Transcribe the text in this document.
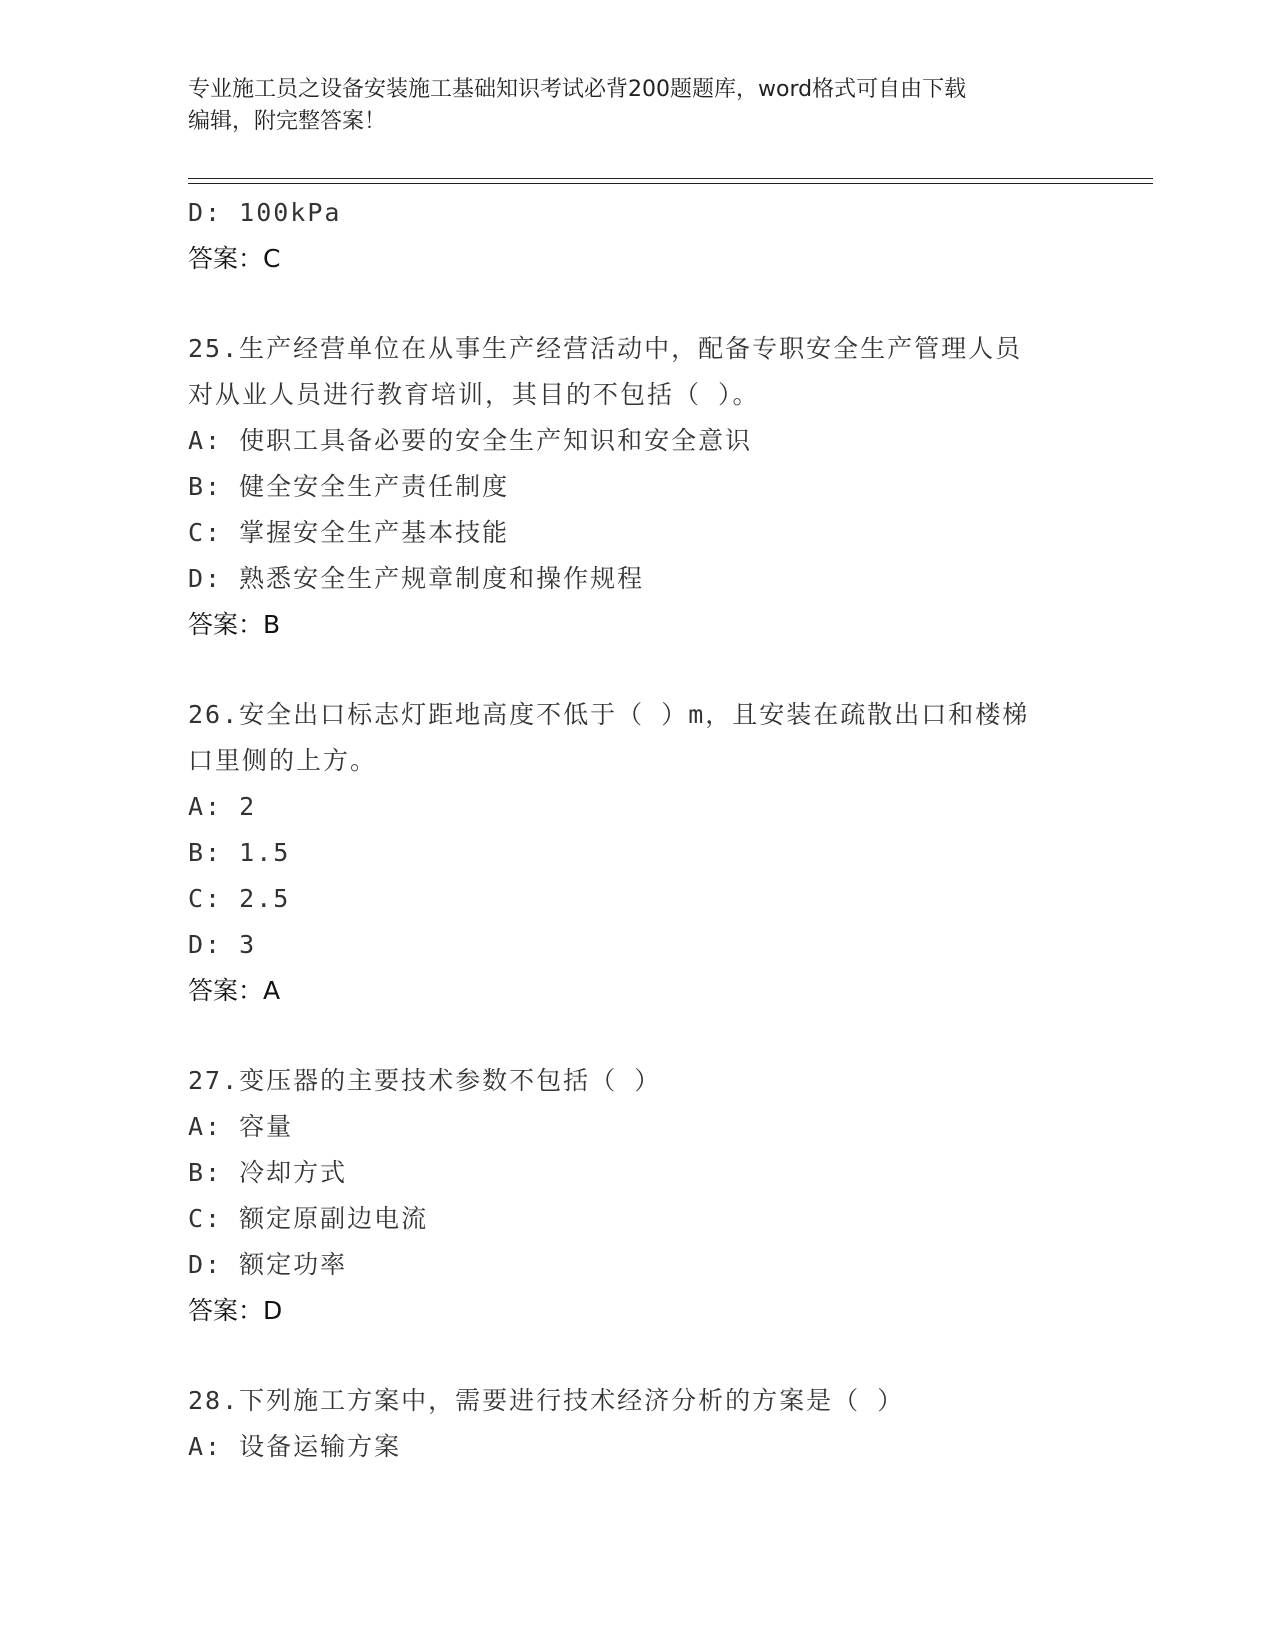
专业施工员之设备安装施工基础知识考试必背200题题库，word格式可自由下载
编辑，附完整答案！
D: 100kPa
答案：C
25.生产经营单位在从事生产经营活动中，配备专职安全生产管理人员
对从业人员进行教育培训，其目的不包括（ ）。
A: 使职工具备必要的安全生产知识和安全意识
B: 健全安全生产责任制度
C: 掌握安全生产基本技能
D: 熟悉安全生产规章制度和操作规程
答案：B
26.安全出口标志灯距地高度不低于（ ）m，且安装在疏散出口和楼梯
口里侧的上方。
A: 2
B: 1.5
C: 2.5
D: 3
答案：A
27.变压器的主要技术参数不包括（ ）
A: 容量
B: 冷却方式
C: 额定原副边电流
D: 额定功率
答案：D
28.下列施工方案中，需要进行技术经济分析的方案是（ ）
A: 设备运输方案
